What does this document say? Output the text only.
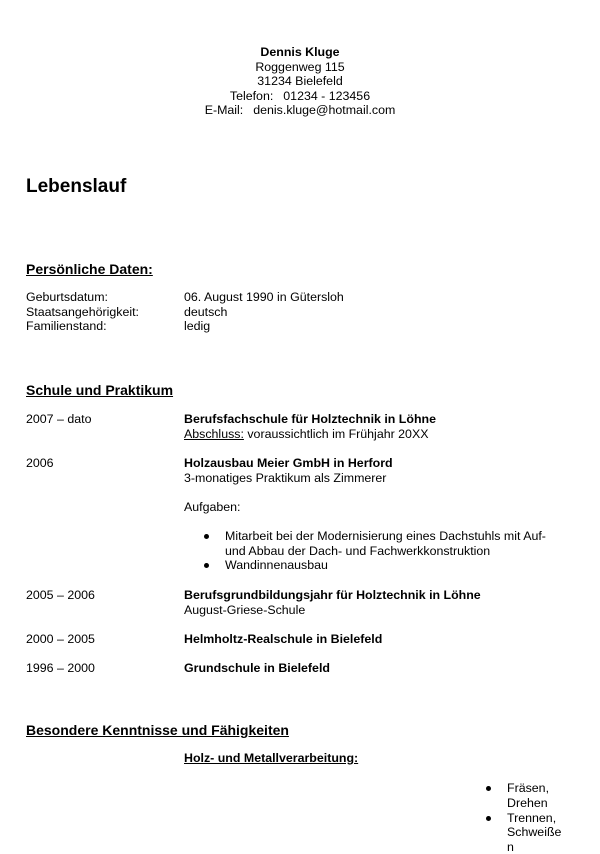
Dennis Kluge
Roggenweg 115
31234 Bielefeld
Telefon: 01234 - 123456
E-Mail: denis.kluge@hotmail.com
Lebenslauf
Persönliche Daten:
Geburtsdatum:	06. August 1990 in Gütersloh
Staatsangehörigkeit:	deutsch
Familienstand:	ledig
Schule und Praktikum
2007 – dato	Berufsfachschule für Holztechnik in Löhne
Abschluss: voraussichtlich im Frühjahr 20XX
2006	Holzausbau Meier GmbH in Herford
3-monatiges Praktikum als Zimmerer
Aufgaben:
Mitarbeit bei der Modernisierung eines Dachstuhls mit Auf-
und Abbau der Dach- und Fachwerkkonstruktion
Wandinnenausbau
2005 – 2006	Berufsgrundbildungsjahr für Holztechnik in Löhne
August-Griese-Schule
2000 – 2005	Helmholtz-Realschule in Bielefeld
1996 – 2000	Grundschule in Bielefeld
Besondere Kenntnisse und Fähigkeiten
Holz- und Metallverarbeitung:
Fräsen,
Drehen
Trennen,
Schweiße
n
